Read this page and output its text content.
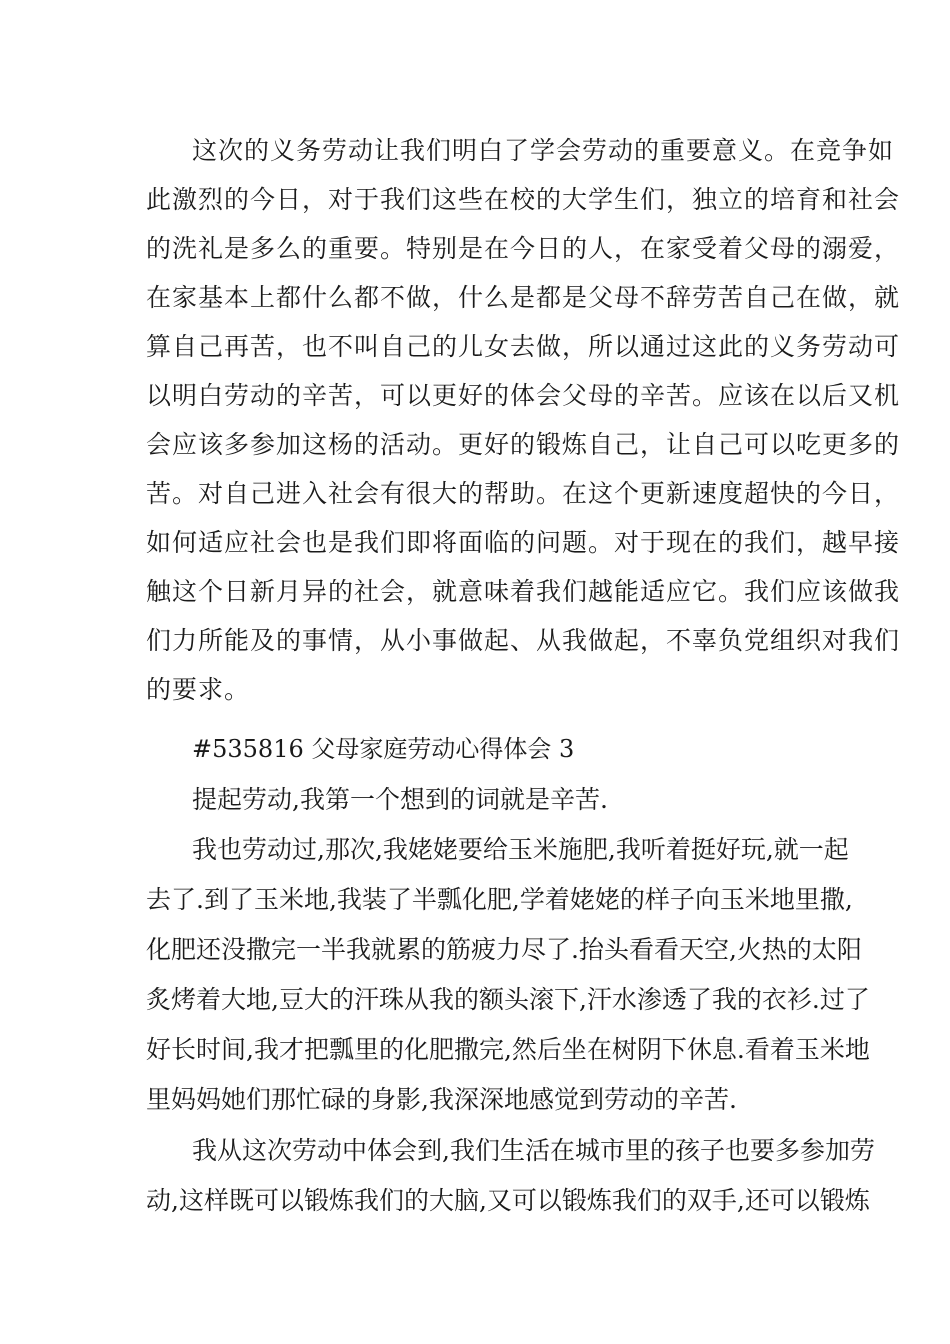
这次的义务劳动让我们明白了学会劳动的重要意义。在竞争如
此激烈的今日，对于我们这些在校的大学生们，独立的培育和社会
的洗礼是多么的重要。特别是在今日的人，在家受着父母的溺爱，
在家基本上都什么都不做，什么是都是父母不辞劳苦自己在做，就
算自己再苦，也不叫自己的儿女去做，所以通过这此的义务劳动可
以明白劳动的辛苦，可以更好的体会父母的辛苦。应该在以后又机
会应该多参加这杨的活动。更好的锻炼自己，让自己可以吃更多的
苦。对自己进入社会有很大的帮助。在这个更新速度超快的今日，
如何适应社会也是我们即将面临的问题。对于现在的我们，越早接
触这个日新月异的社会，就意味着我们越能适应它。我们应该做我
们力所能及的事情，从小事做起、从我做起，不辜负党组织对我们
的要求。
#535816 父母家庭劳动心得体会 3
提起劳动,我第一个想到的词就是辛苦.
我也劳动过,那次,我姥姥要给玉米施肥,我听着挺好玩,就一起
去了.到了玉米地,我装了半瓢化肥,学着姥姥的样子向玉米地里撒,
化肥还没撒完一半我就累的筋疲力尽了.抬头看看天空,火热的太阳
炙烤着大地,豆大的汗珠从我的额头滚下,汗水渗透了我的衣衫.过了
好长时间,我才把瓢里的化肥撒完,然后坐在树阴下休息.看着玉米地
里妈妈她们那忙碌的身影,我深深地感觉到劳动的辛苦.
我从这次劳动中体会到,我们生活在城市里的孩子也要多参加劳
动,这样既可以锻炼我们的大脑,又可以锻炼我们的双手,还可以锻炼
